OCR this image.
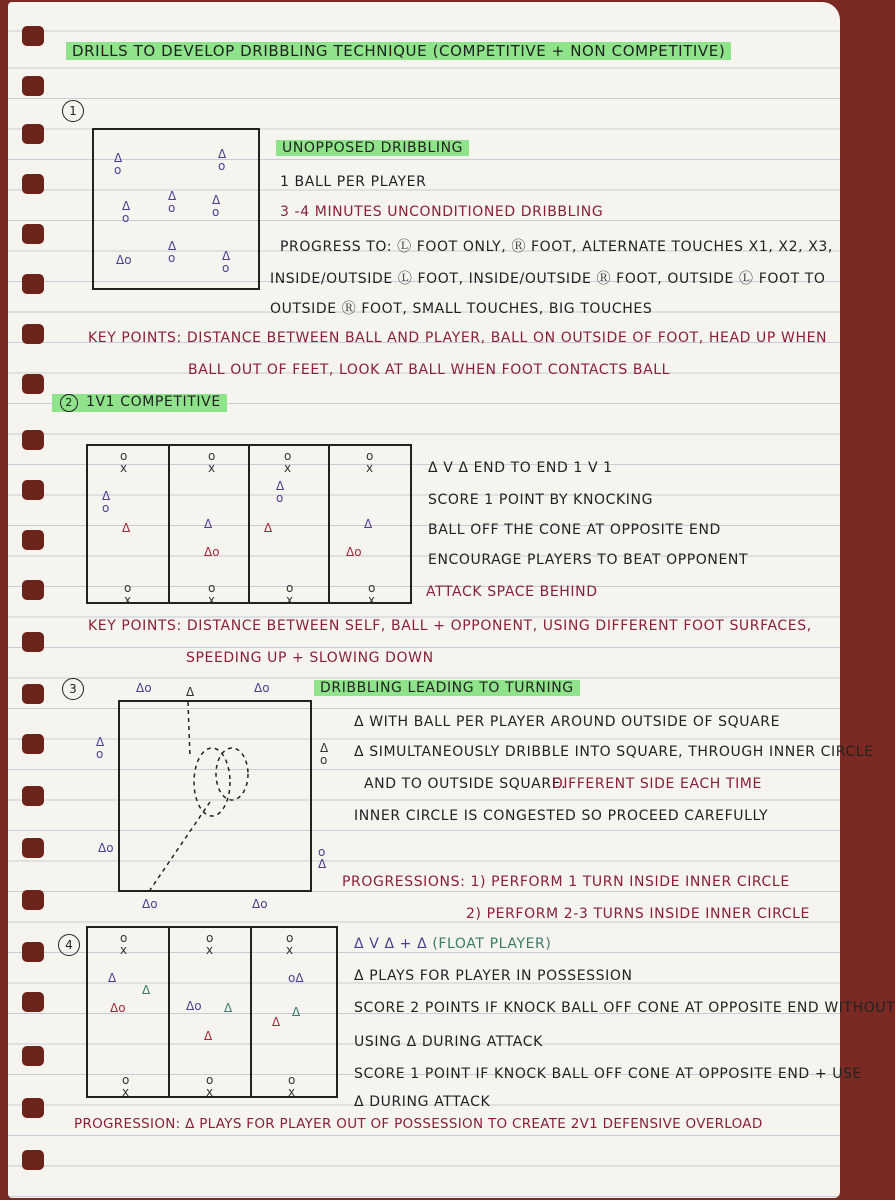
DRILLS TO DEVELOP DRIBBLING TECHNIQUE (COMPETITIVE + NON COMPETITIVE)
1
Δ
o
Δ
o
Δ
o
Δ
o
Δ
o
Δ
o
Δo	Δ
o
UNOPPOSED DRIBBLING
1 BALL PER PLAYER
3 -4 MINUTES UNCONDITIONED DRIBBLING
PROGRESS TO: Ⓛ FOOT ONLY, Ⓡ FOOT, ALTERNATE TOUCHES X1, X2, X3,
INSIDE/OUTSIDE Ⓛ FOOT, INSIDE/OUTSIDE Ⓡ FOOT, OUTSIDE Ⓛ FOOT TO
OUTSIDE Ⓡ FOOT, SMALL TOUCHES, BIG TOUCHES
KEY POINTS: DISTANCE BETWEEN BALL AND PLAYER, BALL ON OUTSIDE OF FOOT, HEAD UP WHEN
BALL OUT OF FEET, LOOK AT BALL WHEN FOOT CONTACTS BALL
2 1V1 COMPETITIVE
o
x
o
x
o
x
o
x
Δ
o
Δ
o
Δ	Δ	Δ	Δ
Δo	Δo
o
x
o
x
o
x
o
x
Δ V Δ END TO END 1 V 1
SCORE 1 POINT BY KNOCKING
BALL OFF THE CONE AT OPPOSITE END
ENCOURAGE PLAYERS TO BEAT OPPONENT
ATTACK SPACE BEHIND
KEY POINTS: DISTANCE BETWEEN SELF, BALL + OPPONENT, USING DIFFERENT FOOT SURFACES,
SPEEDING UP + SLOWING DOWN
3	Δo	Δ	Δo
Δ
o	Δ
o
Δo	o
Δ
Δo	Δo
DRIBBLING LEADING TO TURNING
Δ WITH BALL PER PLAYER AROUND OUTSIDE OF SQUARE
Δ SIMULTANEOUSLY DRIBBLE INTO SQUARE, THROUGH INNER CIRCLE
AND TO OUTSIDE SQUARE.
DIFFERENT SIDE EACH TIME
INNER CIRCLE IS CONGESTED SO PROCEED CAREFULLY
PROGRESSIONS: 1) PERFORM 1 TURN INSIDE INNER CIRCLE
2) PERFORM 2-3 TURNS INSIDE INNER CIRCLE
4	o
x
o
x
o
x
Δ
Δ
oΔ
Δo	Δo Δ	Δ
Δ
Δ
o
x
o
x
o
x
Δ V Δ + Δ (FLOAT PLAYER)
Δ PLAYS FOR PLAYER IN POSSESSION
SCORE 2 POINTS IF KNOCK BALL OFF CONE AT OPPOSITE END WITHOUT
USING Δ DURING ATTACK
SCORE 1 POINT IF KNOCK BALL OFF CONE AT OPPOSITE END + USE
Δ DURING ATTACK
PROGRESSION: Δ PLAYS FOR PLAYER OUT OF POSSESSION TO CREATE 2V1 DEFENSIVE OVERLOAD
